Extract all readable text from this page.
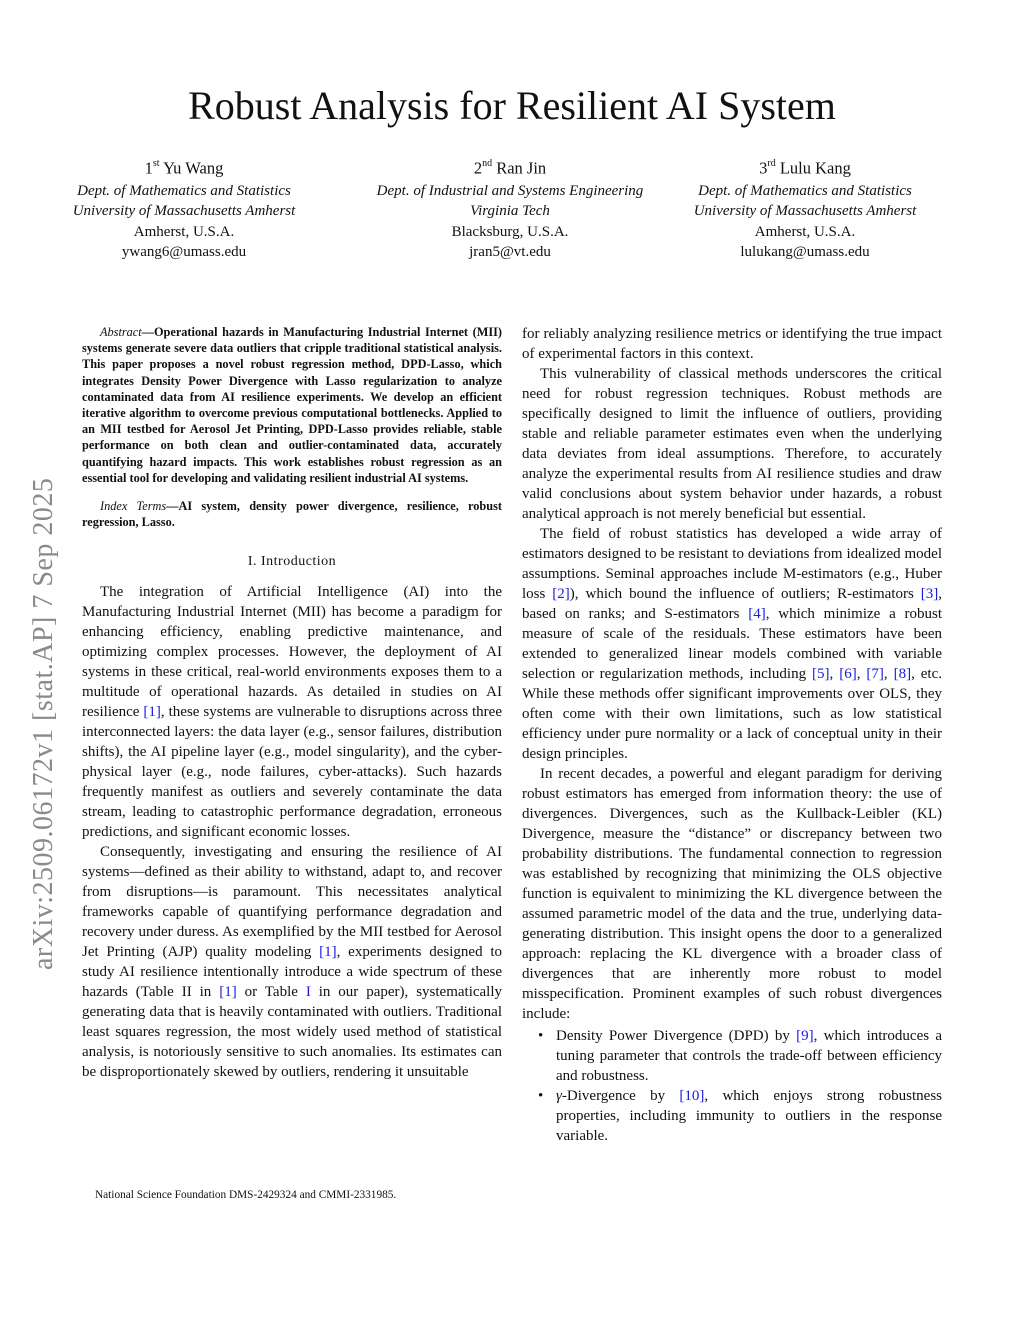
arXiv:2509.06172v1 [stat.AP] 7 Sep 2025
Robust Analysis for Resilient AI System
1st Yu Wang
Dept. of Mathematics and Statistics
University of Massachusetts Amherst
Amherst, U.S.A.
ywang6@umass.edu
2nd Ran Jin
Dept. of Industrial and Systems Engineering
Virginia Tech
Blacksburg, U.S.A.
jran5@vt.edu
3rd Lulu Kang
Dept. of Mathematics and Statistics
University of Massachusetts Amherst
Amherst, U.S.A.
lulukang@umass.edu

Abstract—Operational hazards in Manufacturing Industrial Internet (MII) systems generate severe data outliers that cripple traditional statistical analysis. This paper proposes a novel robust regression method, DPD-Lasso, which integrates Density Power Divergence with Lasso regularization to analyze contaminated data from AI resilience experiments. We develop an efficient iterative algorithm to overcome previous computational bottlenecks. Applied to an MII testbed for Aerosol Jet Printing, DPD-Lasso provides reliable, stable performance on both clean and outlier-contaminated data, accurately quantifying hazard impacts. This work establishes robust regression as an essential tool for developing and validating resilient industrial AI systems.

Index Terms—AI system, density power divergence, resilience, robust regression, Lasso.

I. Introduction

The integration of Artificial Intelligence (AI) into the Manufacturing Industrial Internet (MII) has become a paradigm for enhancing efficiency, enabling predictive maintenance, and optimizing complex processes. However, the deployment of AI systems in these critical, real-world environments exposes them to a multitude of operational hazards. As detailed in studies on AI resilience [1], these systems are vulnerable to disruptions across three interconnected layers: the data layer (e.g., sensor failures, distribution shifts), the AI pipeline layer (e.g., model singularity), and the cyber-physical layer (e.g., node failures, cyber-attacks). Such hazards frequently manifest as outliers and severely contaminate the data stream, leading to catastrophic performance degradation, erroneous predictions, and significant economic losses.

Consequently, investigating and ensuring the resilience of AI systems—defined as their ability to withstand, adapt to, and recover from disruptions—is paramount. This necessitates analytical frameworks capable of quantifying performance degradation and recovery under duress. As exemplified by the MII testbed for Aerosol Jet Printing (AJP) quality modeling [1], experiments designed to study AI resilience intentionally introduce a wide spectrum of these hazards (Table II in [1] or Table I in our paper), systematically generating data that is heavily contaminated with outliers. Traditional least squares regression, the most widely used method of statistical analysis, is notoriously sensitive to such anomalies. Its estimates can be disproportionately skewed by outliers, rendering it unsuitable

for reliably analyzing resilience metrics or identifying the true impact of experimental factors in this context.

This vulnerability of classical methods underscores the critical need for robust regression techniques. Robust methods are specifically designed to limit the influence of outliers, providing stable and reliable parameter estimates even when the underlying data deviates from ideal assumptions. Therefore, to accurately analyze the experimental results from AI resilience studies and draw valid conclusions about system behavior under hazards, a robust analytical approach is not merely beneficial but essential.

The field of robust statistics has developed a wide array of estimators designed to be resistant to deviations from idealized model assumptions. Seminal approaches include M-estimators (e.g., Huber loss [2]), which bound the influence of outliers; R-estimators [3], based on ranks; and S-estimators [4], which minimize a robust measure of scale of the residuals. These estimators have been extended to generalized linear models combined with variable selection or regularization methods, including [5], [6], [7], [8], etc. While these methods offer significant improvements over OLS, they often come with their own limitations, such as low statistical efficiency under pure normality or a lack of conceptual unity in their design principles.

In recent decades, a powerful and elegant paradigm for deriving robust estimators has emerged from information theory: the use of divergences. Divergences, such as the Kullback-Leibler (KL) Divergence, measure the “distance” or discrepancy between two probability distributions. The fundamental connection to regression was established by recognizing that minimizing the OLS objective function is equivalent to minimizing the KL divergence between the assumed parametric model of the data and the true, underlying data-generating distribution. This insight opens the door to a generalized approach: replacing the KL divergence with a broader class of divergences that are inherently more robust to model misspecification. Prominent examples of such robust divergences include:

• Density Power Divergence (DPD) by [9], which introduces a tuning parameter that controls the trade-off between efficiency and robustness.
• γ-Divergence by [10], which enjoys strong robustness properties, including immunity to outliers in the response variable.
National Science Foundation DMS-2429324 and CMMI-2331985.
